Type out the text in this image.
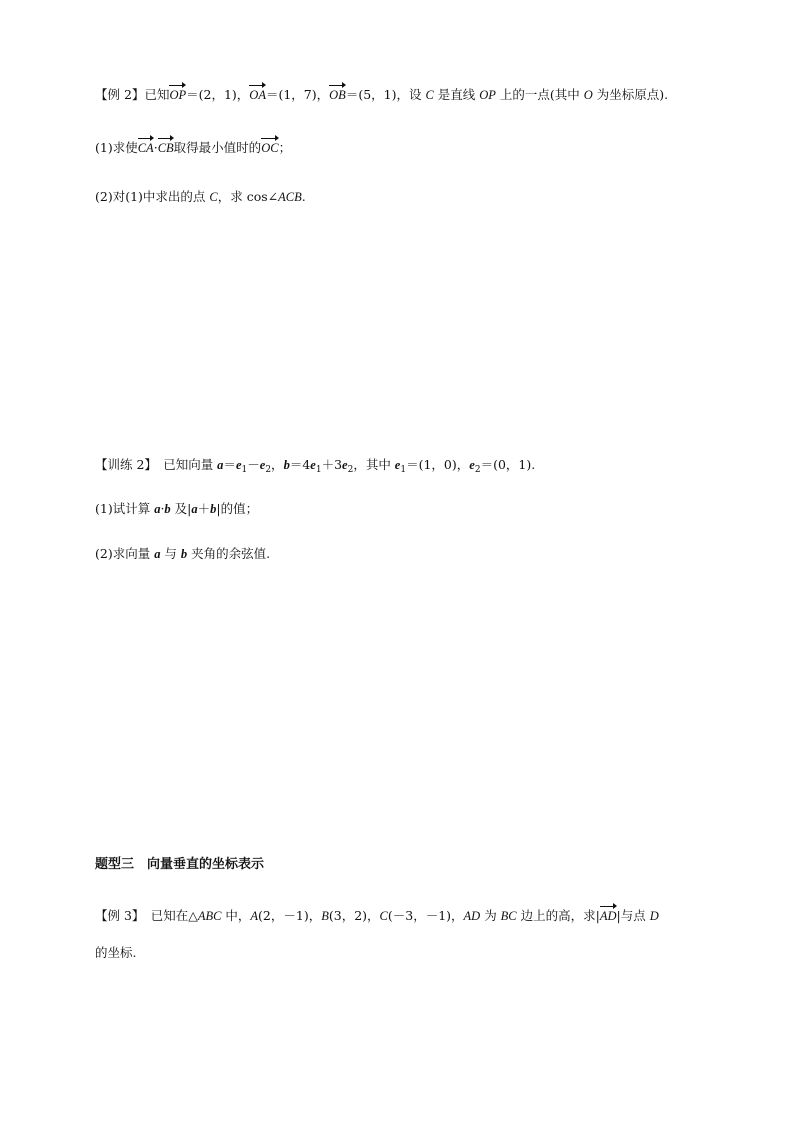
【例 2】已知OP＝(2，1)，OA＝(1，7)，OB＝(5，1)，设 C 是直线 OP 上的一点(其中 O 为坐标原点).
(1)求使CA·CB取得最小值时的OC；
(2)对(1)中求出的点 C，求 cos∠ACB.
【训练 2】　已知向量 $a=e_1-e_2$，$b=4e_1+3e_2$，其中 $e_1=(1$，0)，$e_2=(0$，1).
(1)试计算 a·b 及|a＋b|的值；
(2)求向量 a 与 b 夹角的余弦值.
题型三　向量垂直的坐标表示
【例 3】　已知在△ABC 中，A(2，－1)，B(3，2)，C(－3，－1)，AD 为 BC 边上的高，求|AD|与点 D
的坐标.
